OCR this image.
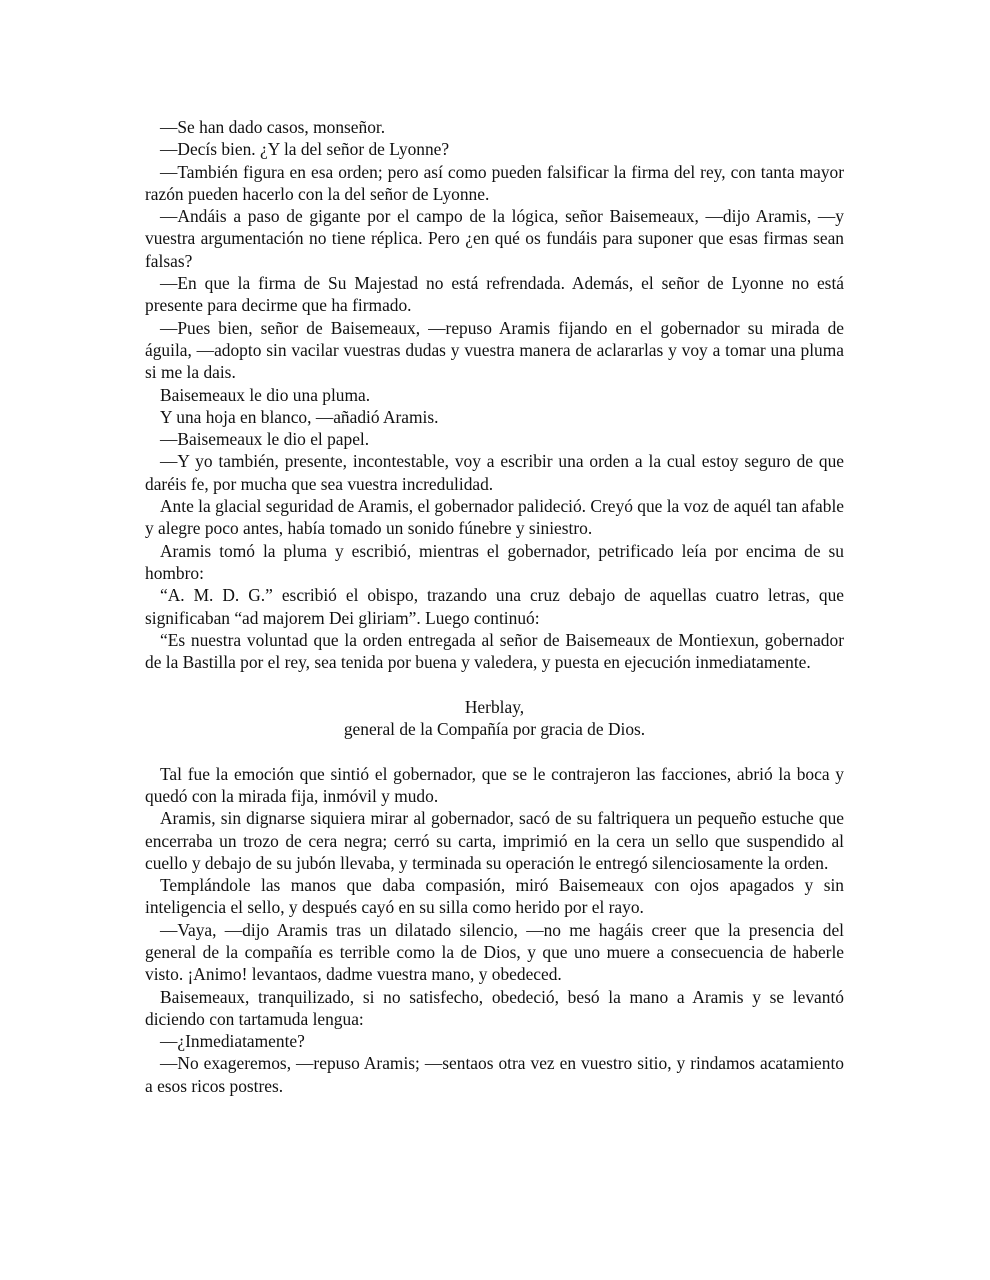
—Se han dado casos, monseñor.

—Decís bien. ¿Y la del señor de Lyonne?

—También figura en esa orden; pero así como pueden falsificar la firma del rey, con tanta mayor razón pueden hacerlo con la del señor de Lyonne.

—Andáis a paso de gigante por el campo de la lógica, señor Baisemeaux, —dijo Aramis, —y vuestra argumentación no tiene réplica. Pero ¿en qué os fundáis para suponer que esas firmas sean falsas?

—En que la firma de Su Majestad no está refrendada. Además, el señor de Lyonne no está presente para decirme que ha firmado.

—Pues bien, señor de Baisemeaux, —repuso Aramis fijando en el gobernador su mirada de águila, —adopto sin vacilar vuestras dudas y vuestra manera de aclararlas y voy a tomar una pluma si me la dais.

Baisemeaux le dio una pluma.

Y una hoja en blanco, —añadió Aramis.

—Baisemeaux le dio el papel.

—Y yo también, presente, incontestable, voy a escribir una orden a la cual estoy seguro de que daréis fe, por mucha que sea vuestra incredulidad.

Ante la glacial seguridad de Aramis, el gobernador palideció. Creyó que la voz de aquél tan afable y alegre poco antes, había tomado un sonido fúnebre y siniestro.

Aramis tomó la pluma y escribió, mientras el gobernador, petrificado leía por encima de su hombro:

“A. M. D. G.” escribió el obispo, trazando una cruz debajo de aquellas cuatro letras, que significaban “ad majorem Dei gliriam”. Luego continuó:

“Es nuestra voluntad que la orden entregada al señor de Baisemeaux de Montiexun, gobernador de la Bastilla por el rey, sea tenida por buena y valedera, y puesta en ejecución inmediatamente.

Herblay,
general de la Compañía por gracia de Dios.

Tal fue la emoción que sintió el gobernador, que se le contrajeron las facciones, abrió la boca y quedó con la mirada fija, inmóvil y mudo.

Aramis, sin dignarse siquiera mirar al gobernador, sacó de su faltriquera un pequeño estuche que encerraba un trozo de cera negra; cerró su carta, imprimió en la cera un sello que suspendido al cuello y debajo de su jubón llevaba, y terminada su operación le entregó silenciosamente la orden.

Templándole las manos que daba compasión, miró Baisemeaux con ojos apagados y sin inteligencia el sello, y después cayó en su silla como herido por el rayo.

—Vaya, —dijo Aramis tras un dilatado silencio, —no me hagáis creer que la presencia del general de la compañía es terrible como la de Dios, y que uno muere a consecuencia de haberle visto. ¡Animo! levantaos, dadme vuestra mano, y obedeced.

Baisemeaux, tranquilizado, si no satisfecho, obedeció, besó la mano a Aramis y se levantó diciendo con tartamuda lengua:

—¿Inmediatamente?

—No exageremos, —repuso Aramis; —sentaos otra vez en vuestro sitio, y rindamos acatamiento a esos ricos postres.
